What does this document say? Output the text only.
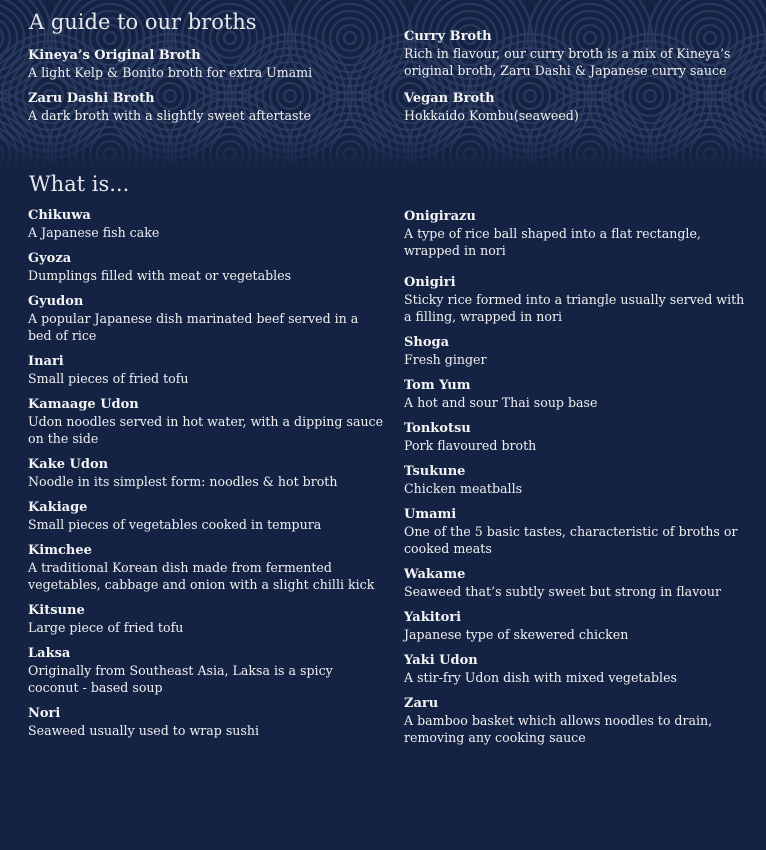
A guide to our broths
Kineya’s Original Broth
A light Kelp & Bonito broth for extra Umami
Zaru Dashi Broth
A dark broth with a slightly sweet aftertaste
Curry Broth
Rich in flavour, our curry broth is a mix of Kineya’s original broth, Zaru Dashi & Japanese curry sauce
Vegan Broth
Hokkaido Kombu(seaweed)
What is...
Chikuwa
A Japanese fish cake
Gyoza
Dumplings filled with meat or vegetables
Gyudon
A popular Japanese dish marinated beef served in a bed of rice
Inari
Small pieces of fried tofu
Kamaage Udon
Udon noodles served in hot water, with a dipping sauce on the side
Kake Udon
Noodle in its simplest form: noodles & hot broth
Kakiage
Small pieces of vegetables cooked in tempura
Kimchee
A traditional Korean dish made from fermented vegetables, cabbage and onion with a slight chilli kick
Kitsune
Large piece of fried tofu
Laksa
Originally from Southeast Asia, Laksa is a spicy coconut - based soup
Nori
Seaweed usually used to wrap sushi
Onigirazu
A type of rice ball shaped into a flat rectangle, wrapped in nori
Onigiri
Sticky rice formed into a triangle usually served with a filling, wrapped in nori
Shoga
Fresh ginger
Tom Yum
A hot and sour Thai soup base
Tonkotsu
Pork flavoured broth
Tsukune
Chicken meatballs
Umami
One of the 5 basic tastes, characteristic of broths or cooked meats
Wakame
Seaweed that’s subtly sweet but strong in flavour
Yakitori
Japanese type of skewered chicken
Yaki Udon
A stir-fry Udon dish with mixed vegetables
Zaru
A bamboo basket which allows noodles to drain, removing any cooking sauce
